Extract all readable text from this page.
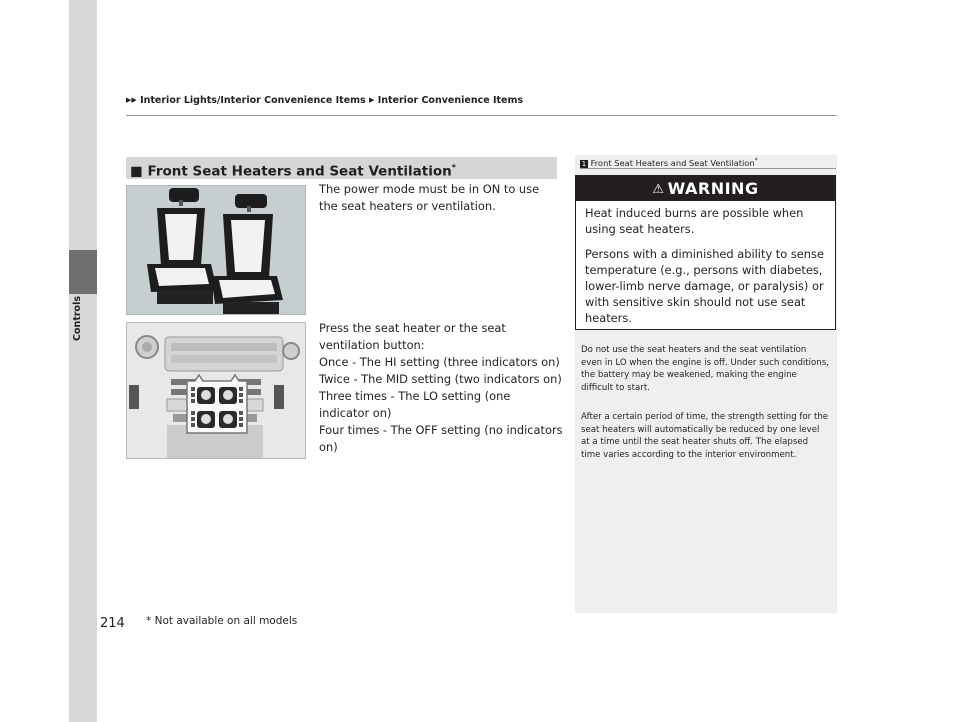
Controls
▶▶ Interior Lights/Interior Convenience Items ▶ Interior Convenience Items
■ Front Seat Heaters and Seat Ventilation*
The power mode must be in ON to use the seat heaters or ventilation.
Press the seat heater or the seat ventilation button:
Once - The HI setting (three indicators on)
Twice - The MID setting (two indicators on)
Three times - The LO setting (one indicator on)
Four times - The OFF setting (no indicators on)
1 Front Seat Heaters and Seat Ventilation*
⚠ WARNING
Heat induced burns are possible when using seat heaters.
Persons with a diminished ability to sense temperature (e.g., persons with diabetes, lower-limb nerve damage, or paralysis) or with sensitive skin should not use seat heaters.
Do not use the seat heaters and the seat ventilation even in LO when the engine is off. Under such conditions, the battery may be weakened, making the engine difficult to start.
After a certain period of time, the strength setting for the seat heaters will automatically be reduced by one level at a time until the seat heater shuts off. The elapsed time varies according to the interior environment.
214 * Not available on all models
